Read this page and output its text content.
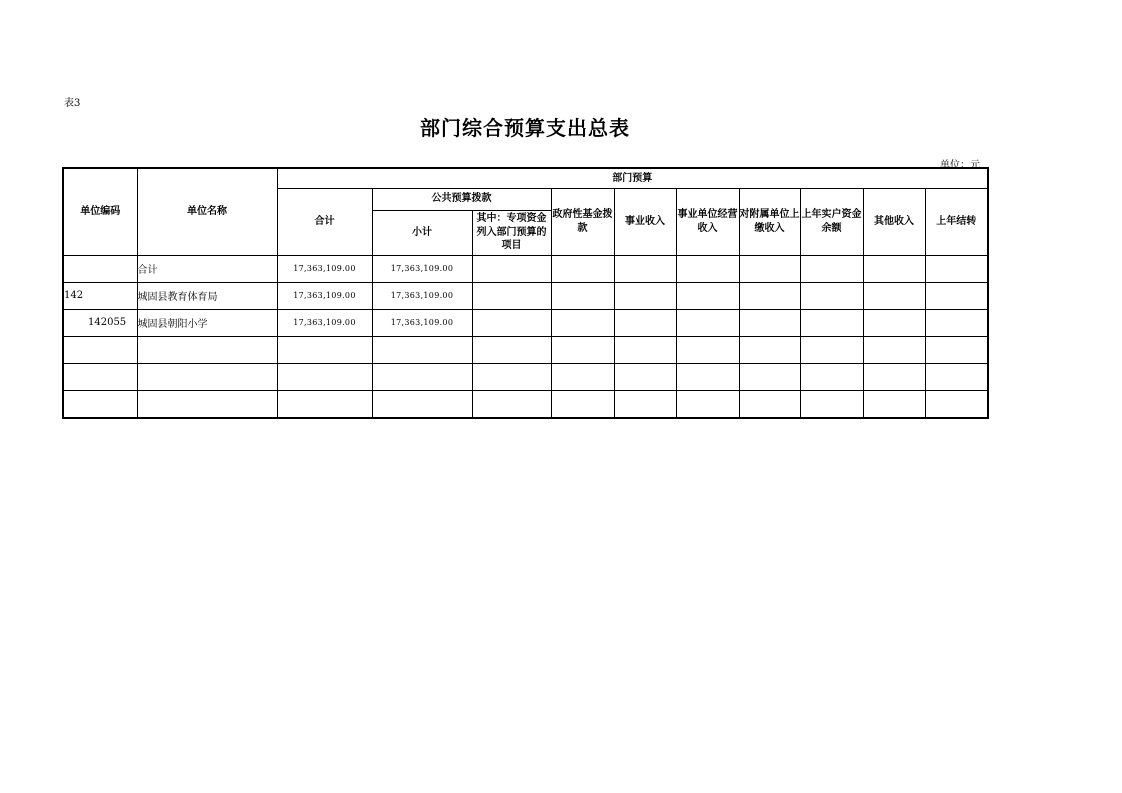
表3
部门综合预算支出总表
单位：元
单位编码	单位名称	部门预算									
		合计	公共预算拨款		政府性基金拨款	事业收入	事业单位经营收入	对附属单位上缴收入	上年实户资金余额	其他收入	上年结转
			小计	其中：专项资金列入部门预算的项目							
	合计	17,363,109.00	17,363,109.00								
142	城固县教育体育局	17,363,109.00	17,363,109.00								
142055	城固县朝阳小学	17,363,109.00	17,363,109.00								
